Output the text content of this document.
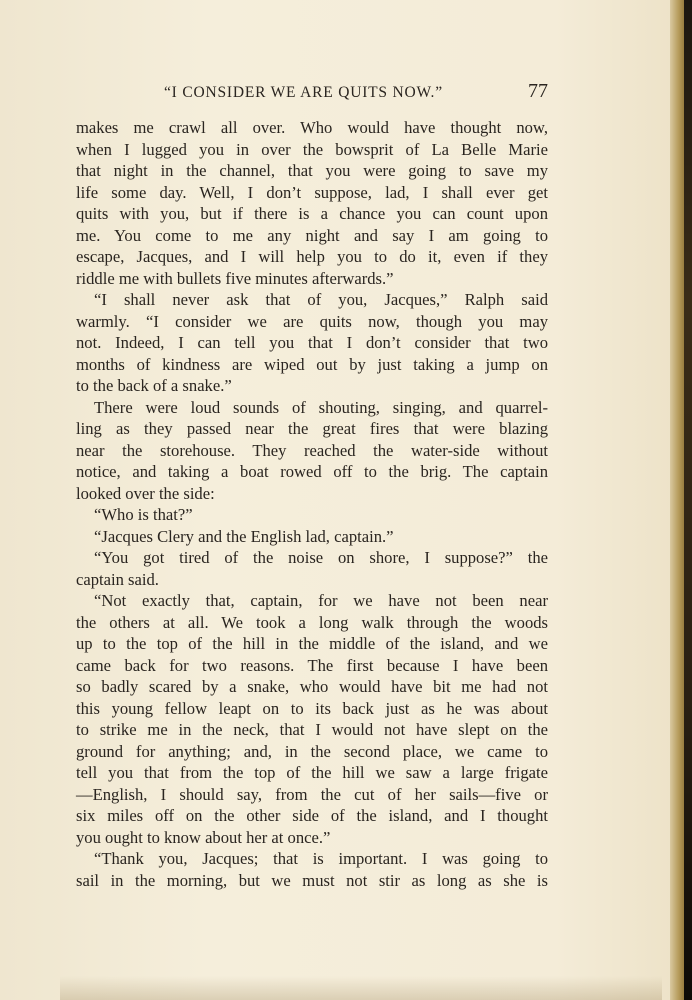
“I CONSIDER WE ARE QUITS NOW.”	77
makes me crawl all over. Who would have thought now,
when I lugged you in over the bowsprit of La Belle Marie
that night in the channel, that you were going to save my
life some day. Well, I don’t suppose, lad, I shall ever get
quits with you, but if there is a chance you can count upon
me. You come to me any night and say I am going to
escape, Jacques, and I will help you to do it, even if they
riddle me with bullets five minutes afterwards.”
“I shall never ask that of you, Jacques,” Ralph said
warmly. “I consider we are quits now, though you may
not. Indeed, I can tell you that I don’t consider that two
months of kindness are wiped out by just taking a jump on
to the back of a snake.”
There were loud sounds of shouting, singing, and quarrel-
ling as they passed near the great fires that were blazing
near the storehouse. They reached the water-side without
notice, and taking a boat rowed off to the brig. The captain
looked over the side:
“Who is that?”
“Jacques Clery and the English lad, captain.”
“You got tired of the noise on shore, I suppose?” the
captain said.
“Not exactly that, captain, for we have not been near
the others at all. We took a long walk through the woods
up to the top of the hill in the middle of the island, and we
came back for two reasons. The first because I have been
so badly scared by a snake, who would have bit me had not
this young fellow leapt on to its back just as he was about
to strike me in the neck, that I would not have slept on the
ground for anything; and, in the second place, we came to
tell you that from the top of the hill we saw a large frigate
—English, I should say, from the cut of her sails—five or
six miles off on the other side of the island, and I thought
you ought to know about her at once.”
“Thank you, Jacques; that is important. I was going to
sail in the morning, but we must not stir as long as she is
